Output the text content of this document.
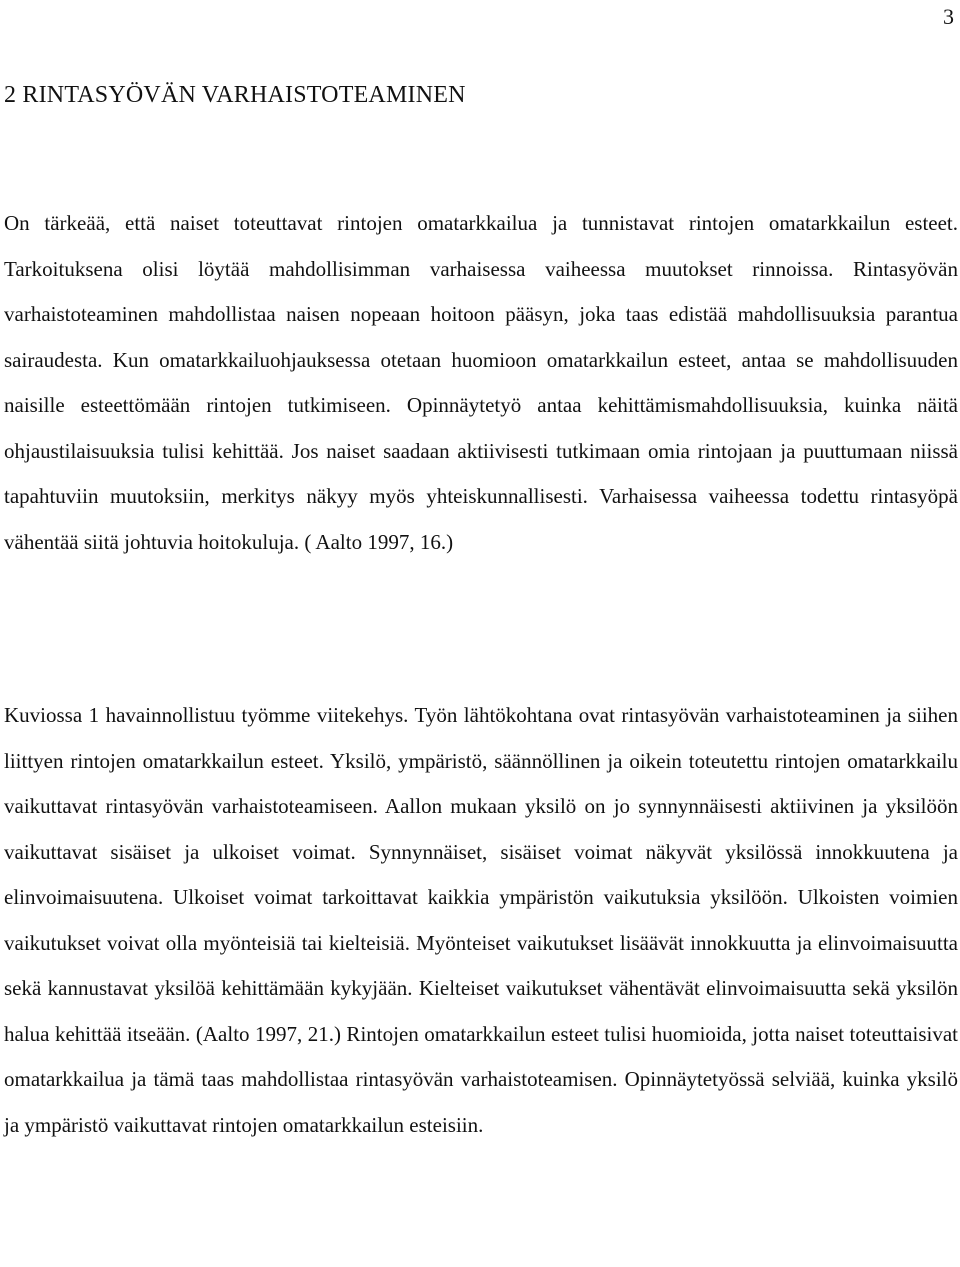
3
2 RINTASYÖVÄN VARHAISTOTEAMINEN

On tärkeää, että naiset toteuttavat rintojen omatarkkailua ja tunnistavat rintojen omatarkkailun esteet. Tarkoituksena olisi löytää mahdollisimman varhaisessa vaiheessa muutokset rinnoissa. Rintasyövän varhaistoteaminen mahdollistaa naisen nopeaan hoitoon pääsyn, joka taas edistää mahdollisuuksia parantua sairaudesta. Kun omatarkkailuohjauksessa otetaan huomioon omatarkkailun esteet, antaa se mahdollisuuden naisille esteettömään rintojen tutkimiseen. Opinnäytetyö antaa kehittämismahdollisuuksia, kuinka näitä ohjaustilaisuuksia tulisi kehittää. Jos naiset saadaan aktiivisesti tutkimaan omia rintojaan ja puuttumaan niissä tapahtuviin muutoksiin, merkitys näkyy myös yhteiskunnallisesti. Varhaisessa vaiheessa todettu rintasyöpä vähentää siitä johtuvia hoitokuluja. ( Aalto 1997, 16.)

Kuviossa 1 havainnollistuu työmme viitekehys. Työn lähtökohtana ovat rintasyövän varhaistoteaminen ja siihen liittyen rintojen omatarkkailun esteet. Yksilö, ympäristö, säännöllinen ja oikein toteutettu rintojen omatarkkailu vaikuttavat rintasyövän varhaistoteamiseen. Aallon mukaan yksilö on jo synnynnäisesti aktiivinen ja yksilöön vaikuttavat sisäiset ja ulkoiset voimat. Synnynnäiset, sisäiset voimat näkyvät yksilössä innokkuutena ja elinvoimaisuutena. Ulkoiset voimat tarkoittavat kaikkia ympäristön vaikutuksia yksilöön. Ulkoisten voimien vaikutukset voivat olla myönteisiä tai kielteisiä. Myönteiset vaikutukset lisäävät innokkuutta ja elinvoimaisuutta sekä kannustavat yksilöä kehittämään kykyjään. Kielteiset vaikutukset vähentävät elinvoimaisuutta sekä yksilön halua kehittää itseään. (Aalto 1997, 21.) Rintojen omatarkkailun esteet tulisi huomioida, jotta naiset toteuttaisivat omatarkkailua ja tämä taas mahdollistaa rintasyövän varhaistoteamisen. Opinnäytetyössä selviää, kuinka yksilö ja ympäristö vaikuttavat rintojen omatarkkailun esteisiin.
